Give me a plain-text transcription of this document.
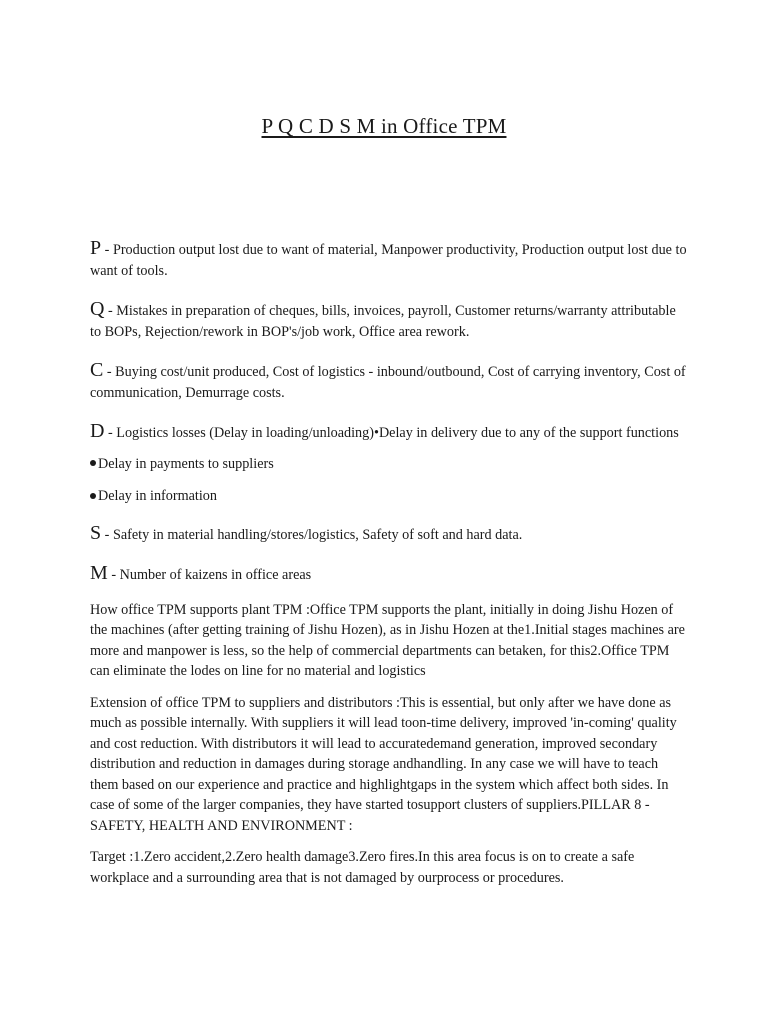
P Q C D S M in Office TPM
P - Production output lost due to want of material, Manpower productivity, Production output lost due to want of tools.
Q - Mistakes in preparation of cheques, bills, invoices, payroll, Customer returns/warranty attributable to BOPs, Rejection/rework in BOP's/job work, Office area rework.
C - Buying cost/unit produced, Cost of logistics - inbound/outbound, Cost of carrying inventory, Cost of communication, Demurrage costs.
D - Logistics losses (Delay in loading/unloading)•Delay in delivery due to any of the support functions
Delay in payments to suppliers
Delay in information
S - Safety in material handling/stores/logistics, Safety of soft and hard data.
M - Number of kaizens in office areas
How office TPM supports plant TPM :Office TPM supports the plant, initially in doing Jishu Hozen of the machines (after getting training of Jishu Hozen), as in Jishu Hozen at the1.Initial stages machines are more and manpower is less, so the help of commercial departments can betaken, for this2.Office TPM can eliminate the lodes on line for no material and logistics
Extension of office TPM to suppliers and distributors :This is essential, but only after we have done as much as possible internally. With suppliers it will lead toon-time delivery, improved 'in-coming' quality and cost reduction. With distributors it will lead to accuratedemand generation, improved secondary distribution and reduction in damages during storage andhandling. In any case we will have to teach them based on our experience and practice and highlightgaps in the system which affect both sides. In case of some of the larger companies, they have started tosupport clusters of suppliers.PILLAR 8 - SAFETY, HEALTH AND ENVIRONMENT :
Target :1.Zero accident,2.Zero health damage3.Zero fires.In this area focus is on to create a safe workplace and a surrounding area that is not damaged by ourprocess or procedures.
